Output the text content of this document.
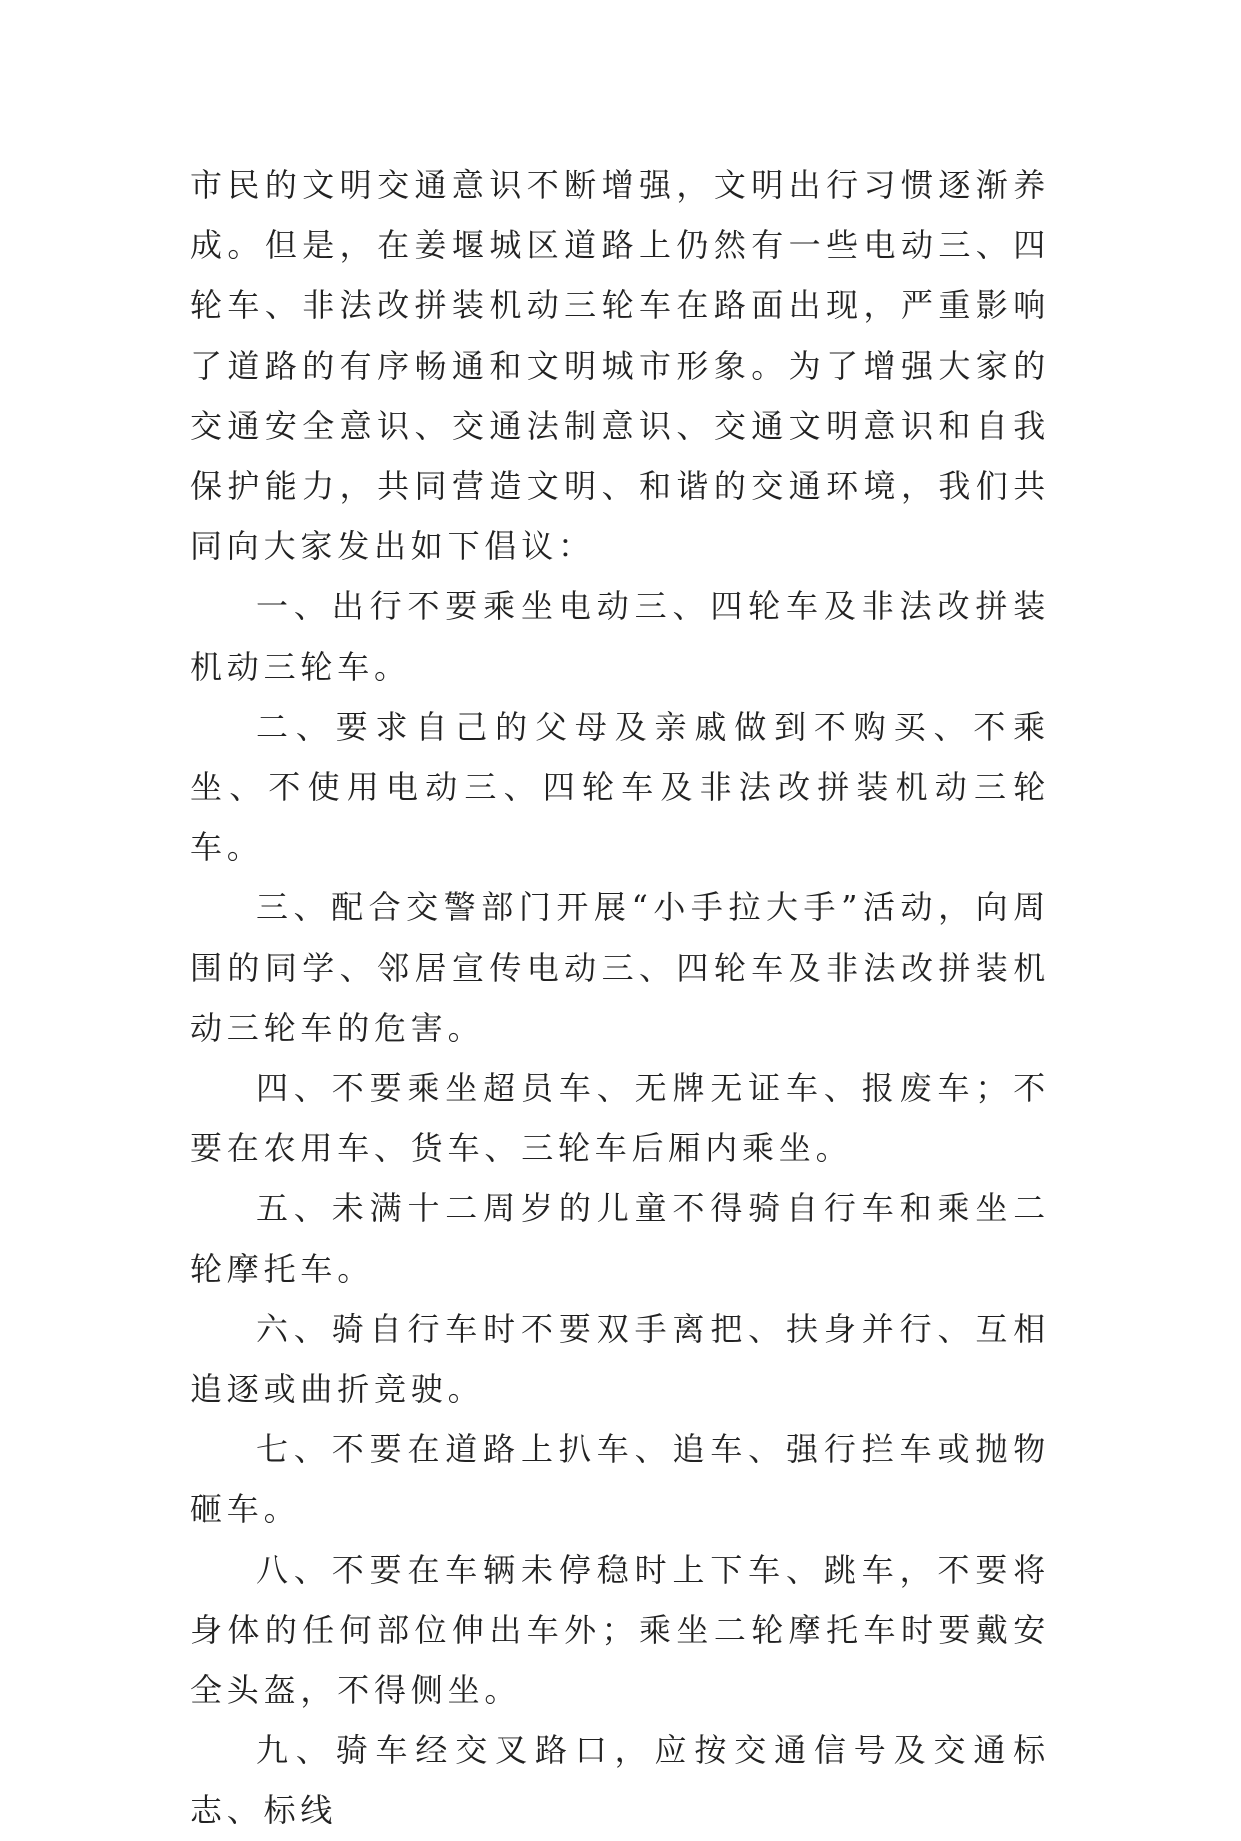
市民的文明交通意识不断增强，文明出行习惯逐渐养成。但是，在姜堰城区道路上仍然有一些电动三、四轮车、非法改拼装机动三轮车在路面出现，严重影响了道路的有序畅通和文明城市形象。为了增强大家的交通安全意识、交通法制意识、交通文明意识和自我保护能力，共同营造文明、和谐的交通环境，我们共同向大家发出如下倡议：

一、出行不要乘坐电动三、四轮车及非法改拼装机动三轮车。

二、要求自己的父母及亲戚做到不购买、不乘坐、不使用电动三、四轮车及非法改拼装机动三轮车。

三、配合交警部门开展“小手拉大手”活动，向周围的同学、邻居宣传电动三、四轮车及非法改拼装机动三轮车的危害。

四、不要乘坐超员车、无牌无证车、报废车；不要在农用车、货车、三轮车后厢内乘坐。

五、未满十二周岁的儿童不得骑自行车和乘坐二轮摩托车。

六、骑自行车时不要双手离把、扶身并行、互相追逐或曲折竞驶。

七、不要在道路上扒车、追车、强行拦车或抛物砸车。

八、不要在车辆未停稳时上下车、跳车，不要将身体的任何部位伸出车外；乘坐二轮摩托车时要戴安全头盔，不得侧坐。

九、骑车经交叉路口，应按交通信号及交通标志、标线
